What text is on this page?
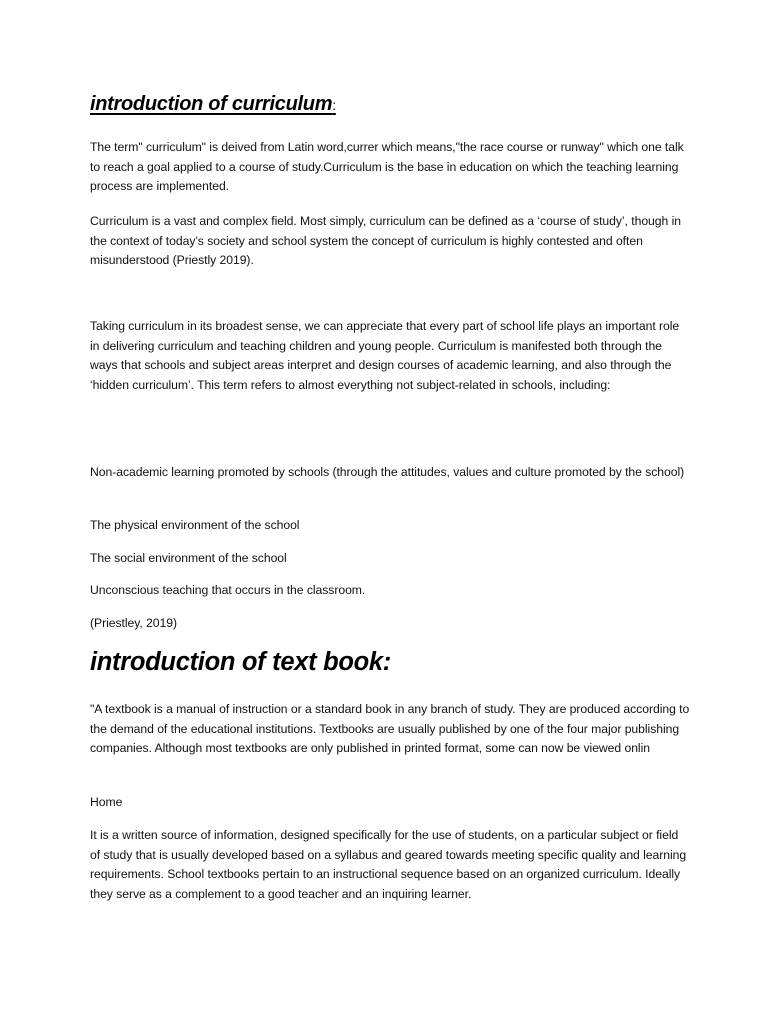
introduction of curriculum:

The term" curriculum" is deived from Latin word,currer which means,"the race course or runway" which one talk to reach a goal applied to a course of study.Curriculum is the base in education on which the teaching learning process are implemented.

Curriculum is a vast and complex field. Most simply, curriculum can be defined as a ‘course of study’, though in the context of today’s society and school system the concept of curriculum is highly contested and often misunderstood (Priestly 2019).

Taking curriculum in its broadest sense, we can appreciate that every part of school life plays an important role in delivering curriculum and teaching children and young people. Curriculum is manifested both through the ways that schools and subject areas interpret and design courses of academic learning, and also through the ‘hidden curriculum’. This term refers to almost everything not subject-related in schools, including:

Non-academic learning promoted by schools (through the attitudes, values and culture promoted by the school)

The physical environment of the school

The social environment of the school

Unconscious teaching that occurs in the classroom.

(Priestley, 2019)

introduction of text book:

"A textbook is a manual of instruction or a standard book in any branch of study. They are produced according to the demand of the educational institutions. Textbooks are usually published by one of the four major publishing companies. Although most textbooks are only published in printed format, some can now be viewed onlin

Home

It is a written source of information, designed specifically for the use of students, on a particular subject or field of study that is usually developed based on a syllabus and geared towards meeting specific quality and learning requirements. School textbooks pertain to an instructional sequence based on an organized curriculum. Ideally they serve as a complement to a good teacher and an inquiring learner.
